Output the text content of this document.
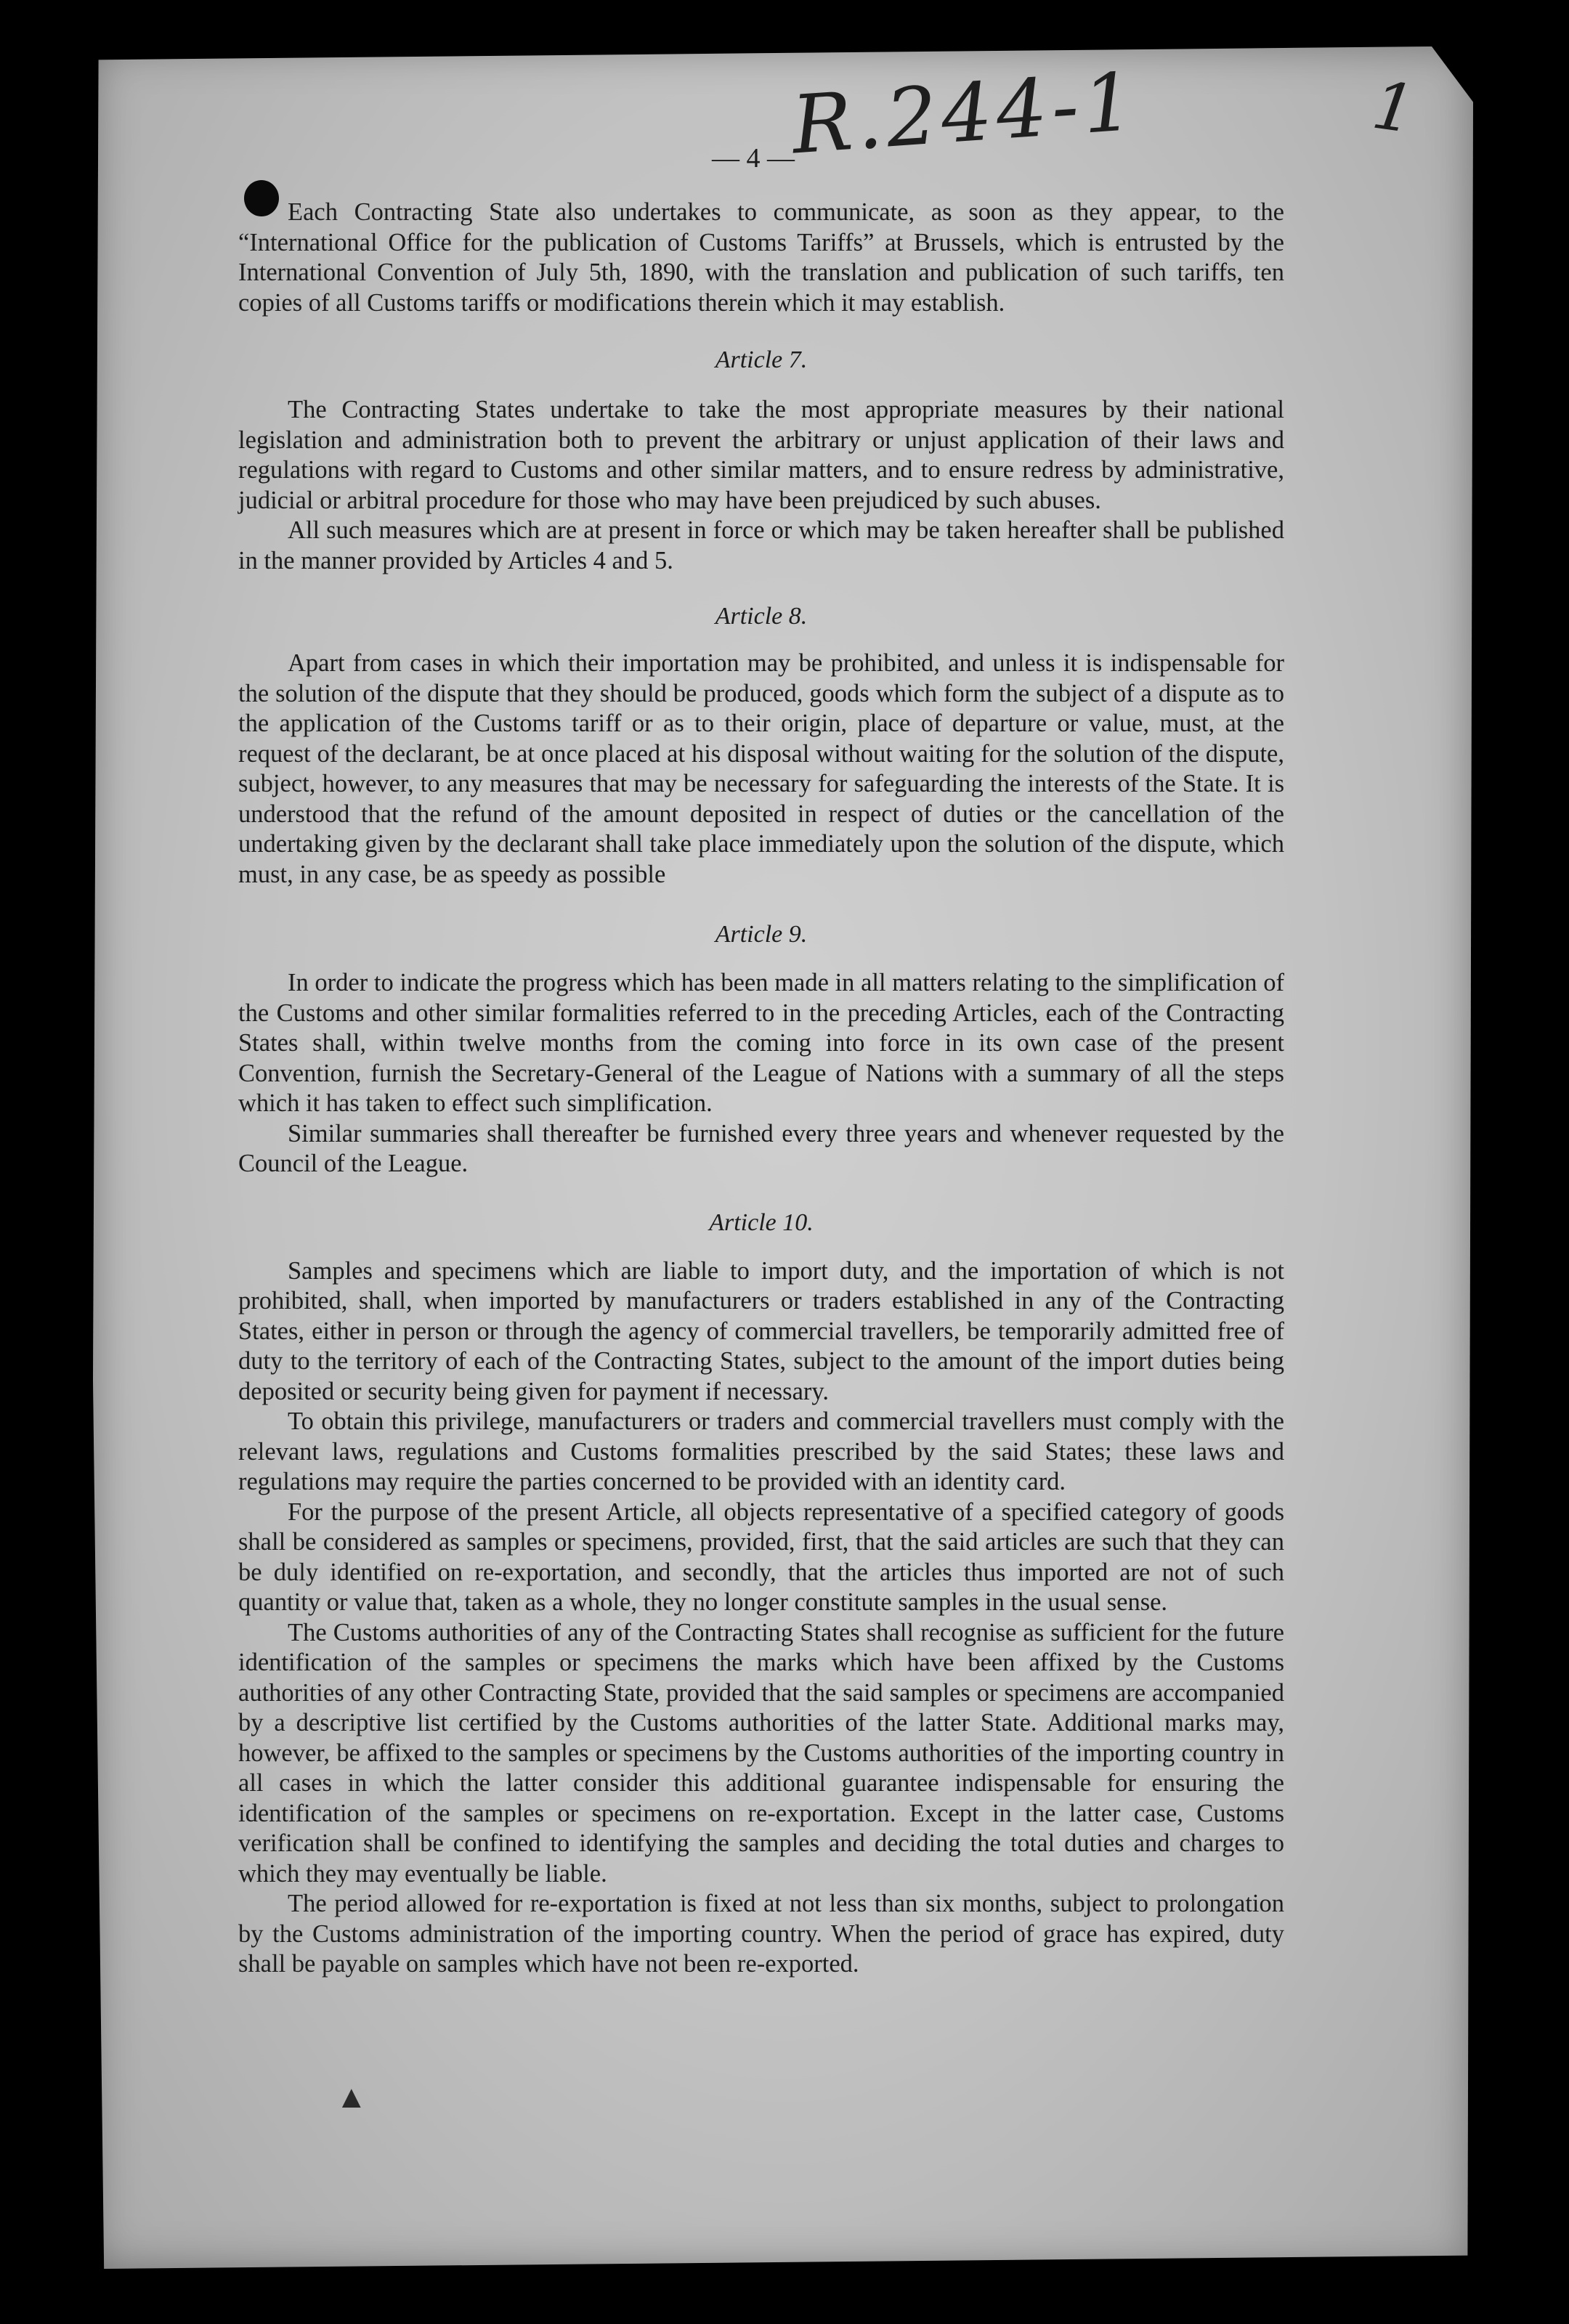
R.244-1	1
— 4 —

Each Contracting State also undertakes to communicate, as soon as they appear, to the “International Office for the publication of Customs Tariffs” at Brussels, which is entrusted by the International Convention of July 5th, 1890, with the translation and publication of such tariffs, ten copies of all Customs tariffs or modifications therein which it may establish.

Article 7.

The Contracting States undertake to take the most appropriate measures by their national legislation and administration both to prevent the arbitrary or unjust application of their laws and regulations with regard to Customs and other similar matters, and to ensure redress by administrative, judicial or arbitral procedure for those who may have been prejudiced by such abuses.

All such measures which are at present in force or which may be taken hereafter shall be published in the manner provided by Articles 4 and 5.

Article 8.

Apart from cases in which their importation may be prohibited, and unless it is indispensable for the solution of the dispute that they should be produced, goods which form the subject of a dispute as to the application of the Customs tariff or as to their origin, place of departure or value, must, at the request of the declarant, be at once placed at his disposal without waiting for the solution of the dispute, subject, however, to any measures that may be necessary for safeguarding the interests of the State. It is understood that the refund of the amount deposited in respect of duties or the cancellation of the undertaking given by the declarant shall take place immediately upon the solution of the dispute, which must, in any case, be as speedy as possible

Article 9.

In order to indicate the progress which has been made in all matters relating to the simplification of the Customs and other similar formalities referred to in the preceding Articles, each of the Contracting States shall, within twelve months from the coming into force in its own case of the present Convention, furnish the Secretary-General of the League of Nations with a summary of all the steps which it has taken to effect such simplification.

Similar summaries shall thereafter be furnished every three years and whenever requested by the Council of the League.

Article 10.

Samples and specimens which are liable to import duty, and the importation of which is not prohibited, shall, when imported by manufacturers or traders established in any of the Contracting States, either in person or through the agency of commercial travellers, be temporarily admitted free of duty to the territory of each of the Contracting States, subject to the amount of the import duties being deposited or security being given for payment if necessary.

To obtain this privilege, manufacturers or traders and commercial travellers must comply with the relevant laws, regulations and Customs formalities prescribed by the said States; these laws and regulations may require the parties concerned to be provided with an identity card.

For the purpose of the present Article, all objects representative of a specified category of goods shall be considered as samples or specimens, provided, first, that the said articles are such that they can be duly identified on re-exportation, and secondly, that the articles thus imported are not of such quantity or value that, taken as a whole, they no longer constitute samples in the usual sense.

The Customs authorities of any of the Contracting States shall recognise as sufficient for the future identification of the samples or specimens the marks which have been affixed by the Customs authorities of any other Contracting State, provided that the said samples or specimens are accompanied by a descriptive list certified by the Customs authorities of the latter State. Additional marks may, however, be affixed to the samples or specimens by the Customs authorities of the importing country in all cases in which the latter consider this additional guarantee indispensable for ensuring the identification of the samples or specimens on re-exportation. Except in the latter case, Customs verification shall be confined to identifying the samples and deciding the total duties and charges to which they may eventually be liable.

The period allowed for re-exportation is fixed at not less than six months, subject to prolongation by the Customs administration of the importing country. When the period of grace has expired, duty shall be payable on samples which have not been re-exported.

▲
